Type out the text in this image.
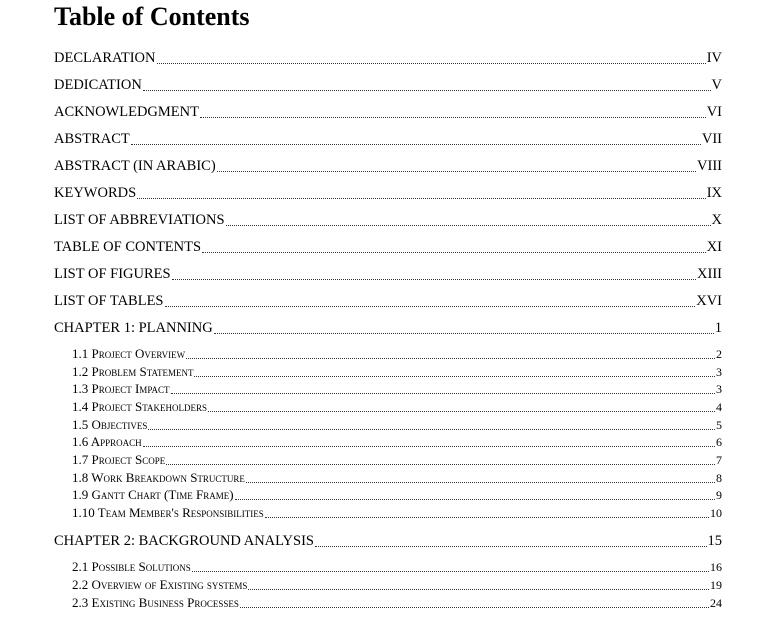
Table of Contents
DECLARATION	IV
DEDICATION	V
ACKNOWLEDGMENT	VI
ABSTRACT	VII
ABSTRACT (IN ARABIC)	VIII
KEYWORDS	IX
LIST OF ABBREVIATIONS	X
TABLE OF CONTENTS	XI
LIST OF FIGURES	XIII
LIST OF TABLES	XVI
CHAPTER 1: PLANNING	1
1.1 Project Overview	2
1.2 Problem Statement	3
1.3 Project Impact	3
1.4 Project Stakeholders	4
1.5 Objectives	5
1.6 Approach	6
1.7 Project Scope	7
1.8 Work Breakdown Structure	8
1.9 Gantt Chart (Time Frame)	9
1.10 Team Member's Responsibilities	10
CHAPTER 2: BACKGROUND ANALYSIS	15
2.1 Possible Solutions	16
2.2 Overview of Existing systems	19
2.3 Existing Business Processes	24
